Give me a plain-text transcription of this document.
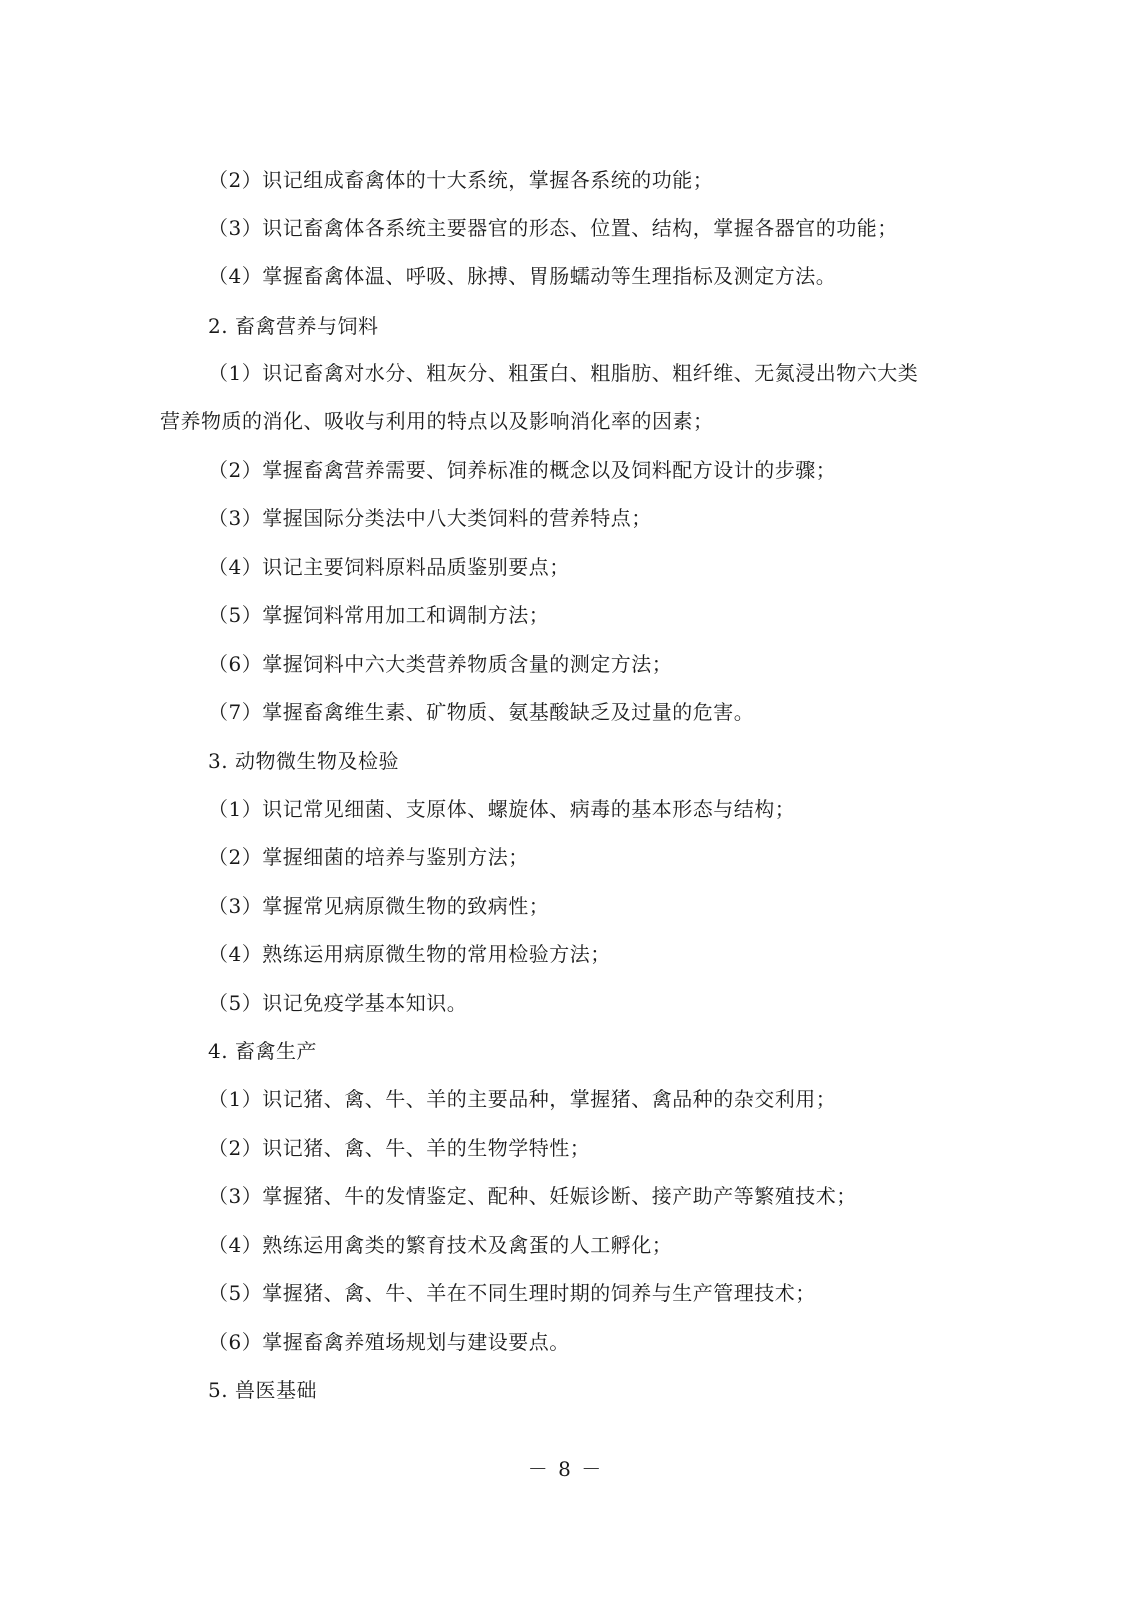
（2）识记组成畜禽体的十大系统，掌握各系统的功能；
（3）识记畜禽体各系统主要器官的形态、位置、结构，掌握各器官的功能；
（4）掌握畜禽体温、呼吸、脉搏、胃肠蠕动等生理指标及测定方法。
2. 畜禽营养与饲料
（1）识记畜禽对水分、粗灰分、粗蛋白、粗脂肪、粗纤维、无氮浸出物六大类
营养物质的消化、吸收与利用的特点以及影响消化率的因素；
（2）掌握畜禽营养需要、饲养标准的概念以及饲料配方设计的步骤；
（3）掌握国际分类法中八大类饲料的营养特点；
（4）识记主要饲料原料品质鉴别要点；
（5）掌握饲料常用加工和调制方法；
（6）掌握饲料中六大类营养物质含量的测定方法；
（7）掌握畜禽维生素、矿物质、氨基酸缺乏及过量的危害。
3. 动物微生物及检验
（1）识记常见细菌、支原体、螺旋体、病毒的基本形态与结构；
（2）掌握细菌的培养与鉴别方法；
（3）掌握常见病原微生物的致病性；
（4）熟练运用病原微生物的常用检验方法；
（5）识记免疫学基本知识。
4. 畜禽生产
（1）识记猪、禽、牛、羊的主要品种，掌握猪、禽品种的杂交利用；
（2）识记猪、禽、牛、羊的生物学特性；
（3）掌握猪、牛的发情鉴定、配种、妊娠诊断、接产助产等繁殖技术；
（4）熟练运用禽类的繁育技术及禽蛋的人工孵化；
（5）掌握猪、禽、牛、羊在不同生理时期的饲养与生产管理技术；
（6）掌握畜禽养殖场规划与建设要点。
5. 兽医基础
－ 8 －
